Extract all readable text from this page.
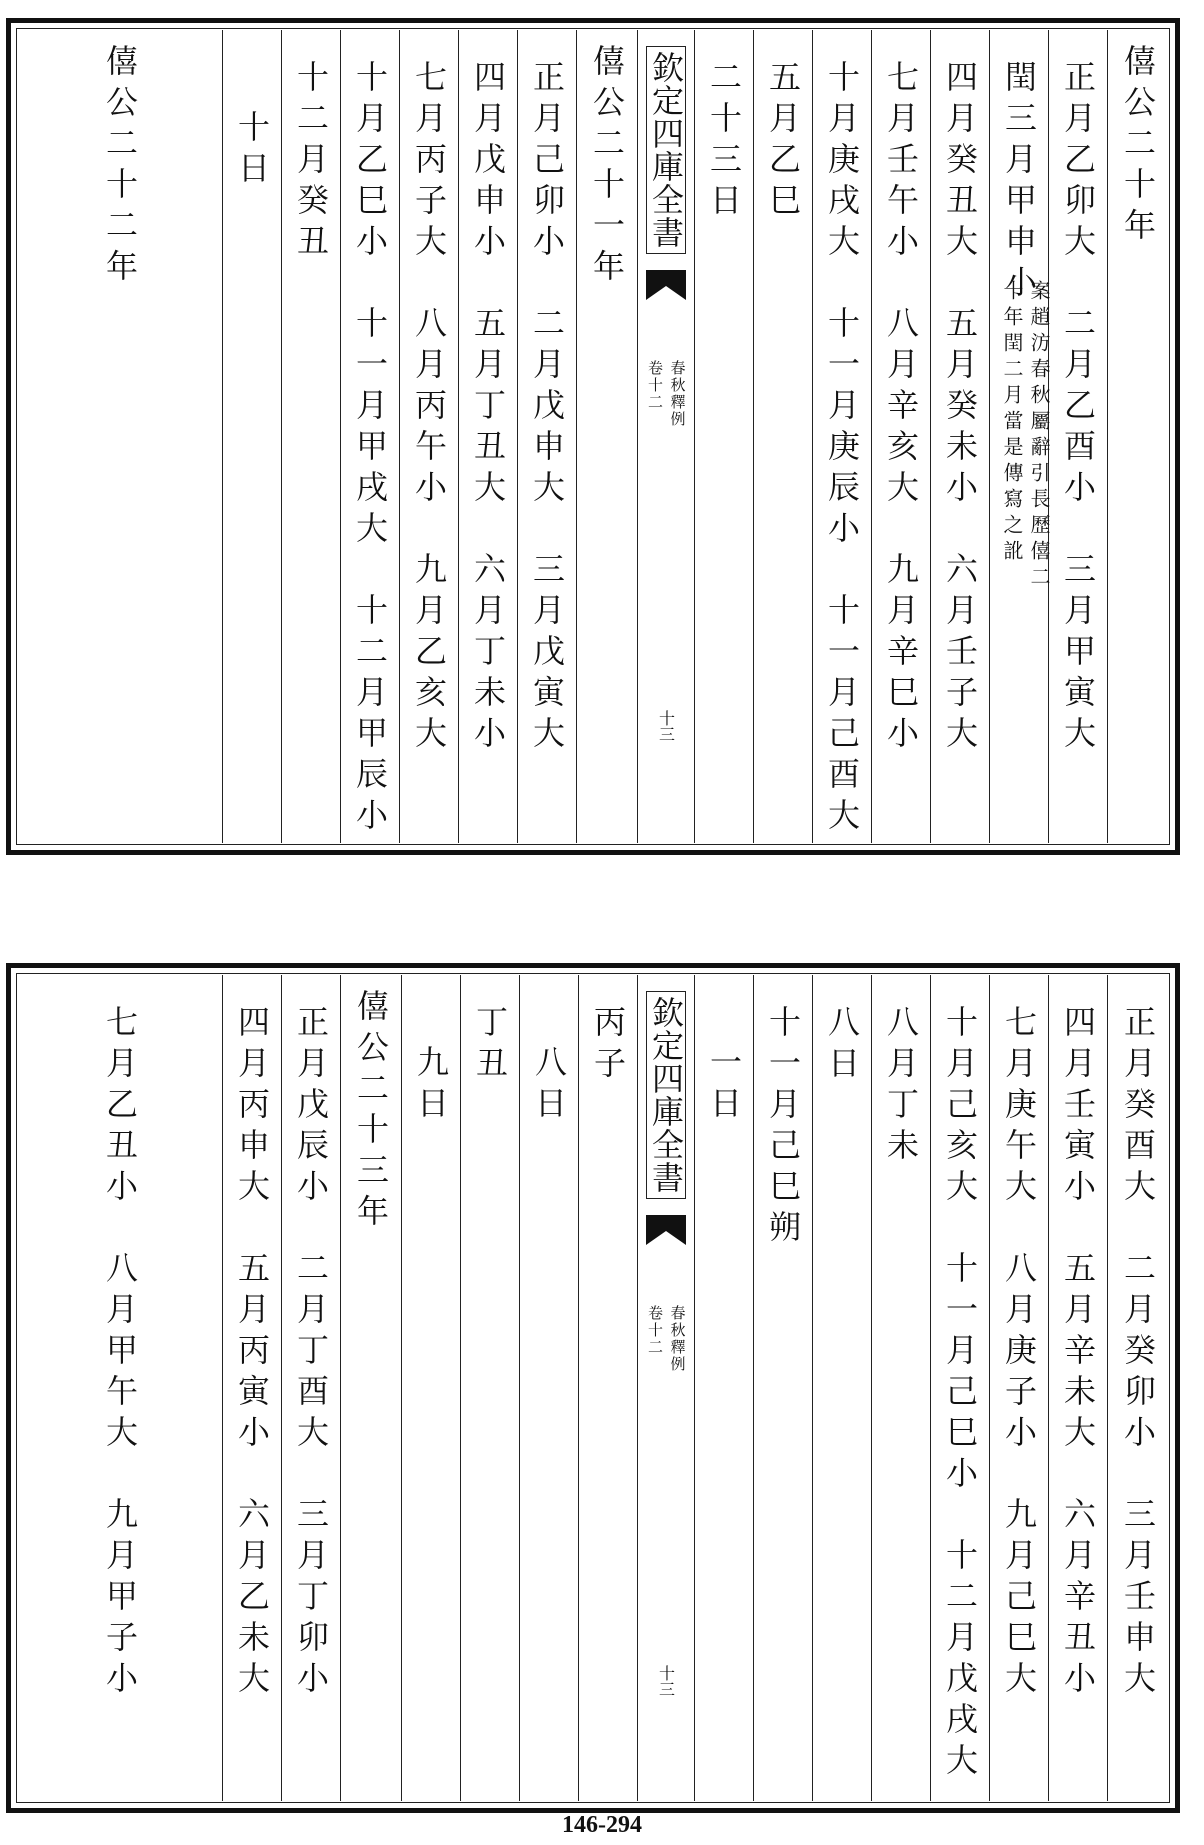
僖公二十年
正月乙卯大　二月乙酉小　三月甲寅大
閏三月甲申小
案趙汸春秋屬辭引長歷僖二
十年閏二月當是傳寫之訛
四月癸丑大　五月癸未小　六月壬子大
七月壬午小　八月辛亥大　九月辛巳小
十月庚戌大　十一月庚辰小　十一月己酉大
五月乙巳
二十三日
欽定四庫全書
春秋釋例
卷十二
十三
僖公二十一年
正月己卯小　二月戊申大　三月戊寅大
四月戊申小　五月丁丑大　六月丁未小
七月丙子大　八月丙午小　九月乙亥大
十月乙巳小　十一月甲戌大　十二月甲辰小
十二月癸丑
十日
僖公二十二年
正月癸酉大　二月癸卯小　三月壬申大
四月壬寅小　五月辛未大　六月辛丑小
七月庚午大　八月庚子小　九月己巳大
十月己亥大　十一月己巳小　十二月戊戌大
八月丁未
八日
十一月己巳朔
一日
欽定四庫全書
春秋釋例
卷十二
十三
丙子
八日
丁丑
九日
僖公二十三年
正月戊辰小　二月丁酉大　三月丁卯小
四月丙申大　五月丙寅小　六月乙未大
七月乙丑小　八月甲午大　九月甲子小
146-294
